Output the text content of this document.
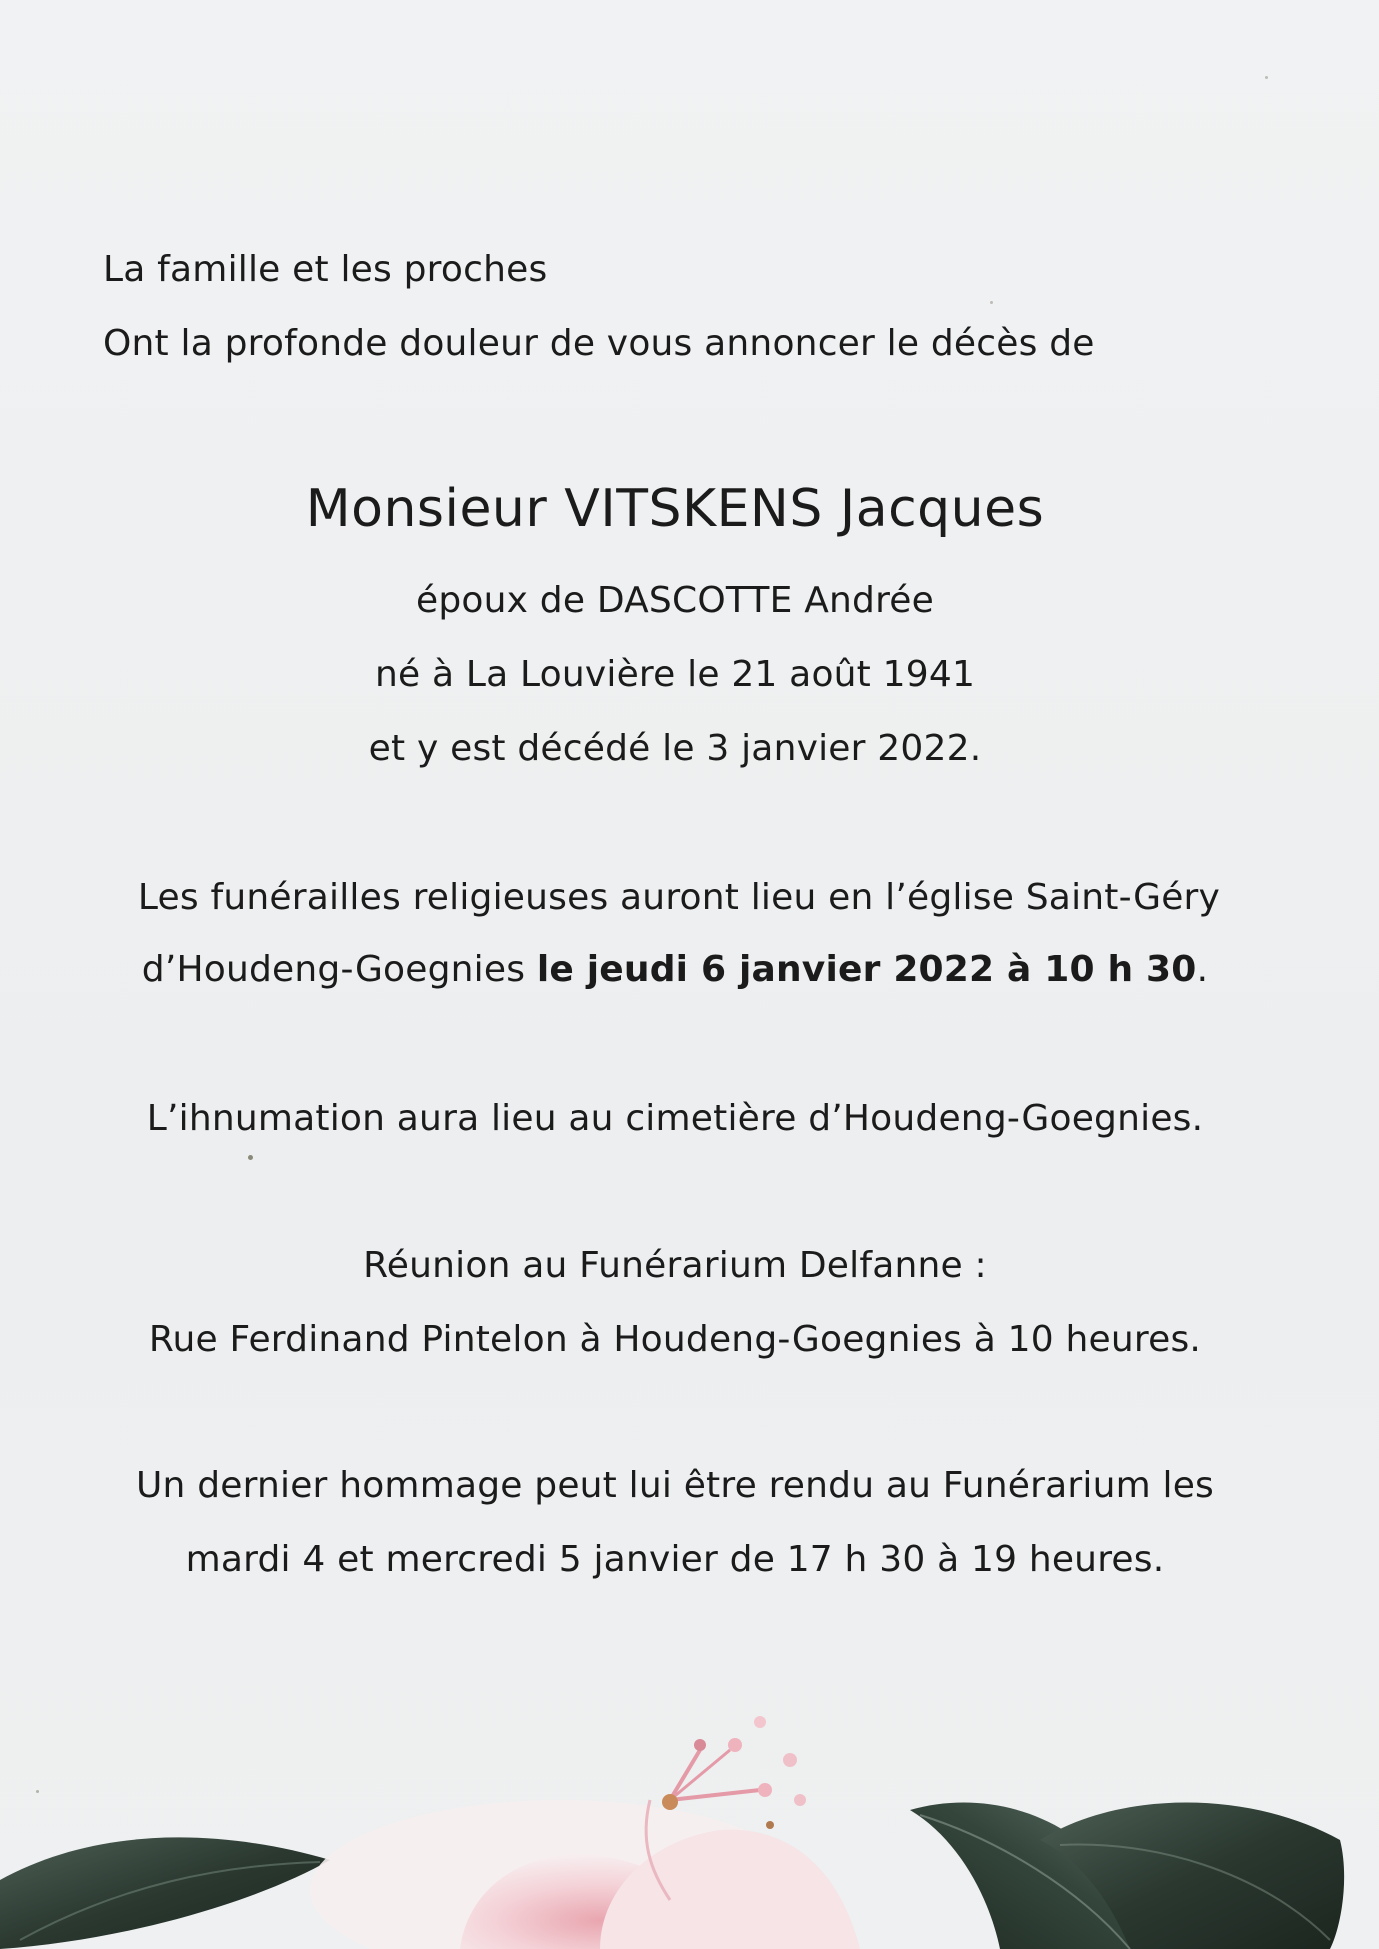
La famille et les proches
Ont la profonde douleur de vous annoncer le décès de
Monsieur VITSKENS Jacques
époux de DASCOTTE Andrée
né à La Louvière le 21 août 1941
et y est décédé le 3 janvier 2022.
Les funérailles religieuses auront lieu en l’église Saint-Géry
d’Houdeng-Goegnies le jeudi 6 janvier 2022 à 10 h 30.
L’ihnumation aura lieu au cimetière d’Houdeng-Goegnies.
Réunion au Funérarium Delfanne :
Rue Ferdinand Pintelon à Houdeng-Goegnies à 10 heures.
Un dernier hommage peut lui être rendu au Funérarium les
mardi 4 et mercredi 5 janvier de 17 h 30 à 19 heures.
